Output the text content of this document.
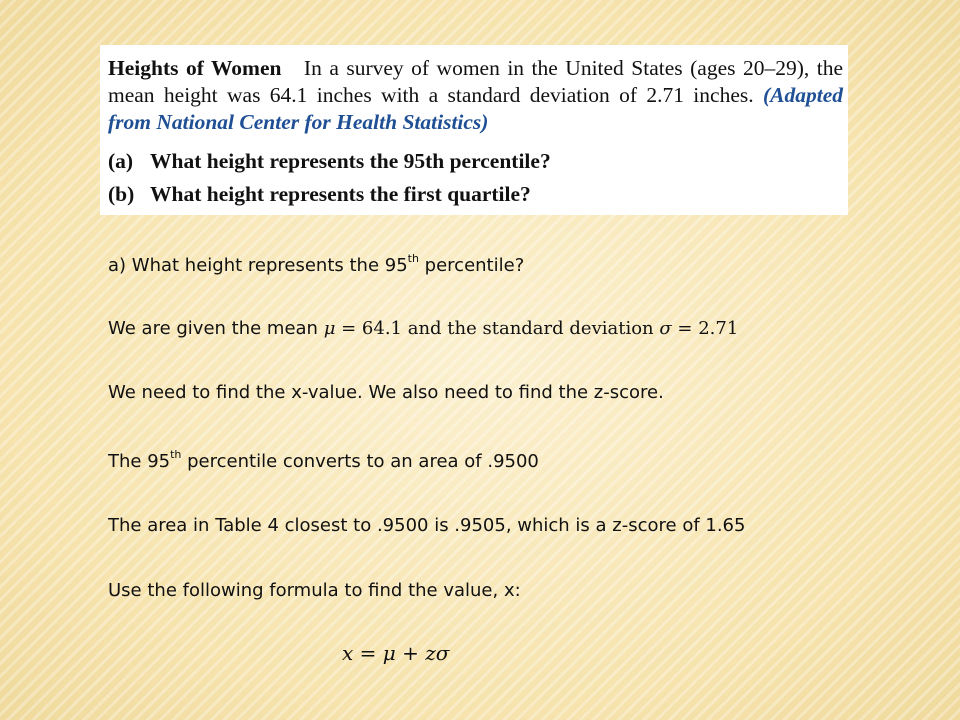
Heights of Women In a survey of women in the United States (ages 20–29), the mean height was 64.1 inches with a standard deviation of 2.71 inches. (Adapted from National Center for Health Statistics)
(a) What height represents the 95th percentile?
(b) What height represents the first quartile?
a) What height represents the 95th percentile?
We are given the mean μ = 64.1 and the standard deviation σ = 2.71
We need to find the x-value. We also need to find the z-score.
The 95th percentile converts to an area of .9500
The area in Table 4 closest to .9500 is .9505, which is a z-score of 1.65
Use the following formula to find the value, x:
x = μ + zσ
